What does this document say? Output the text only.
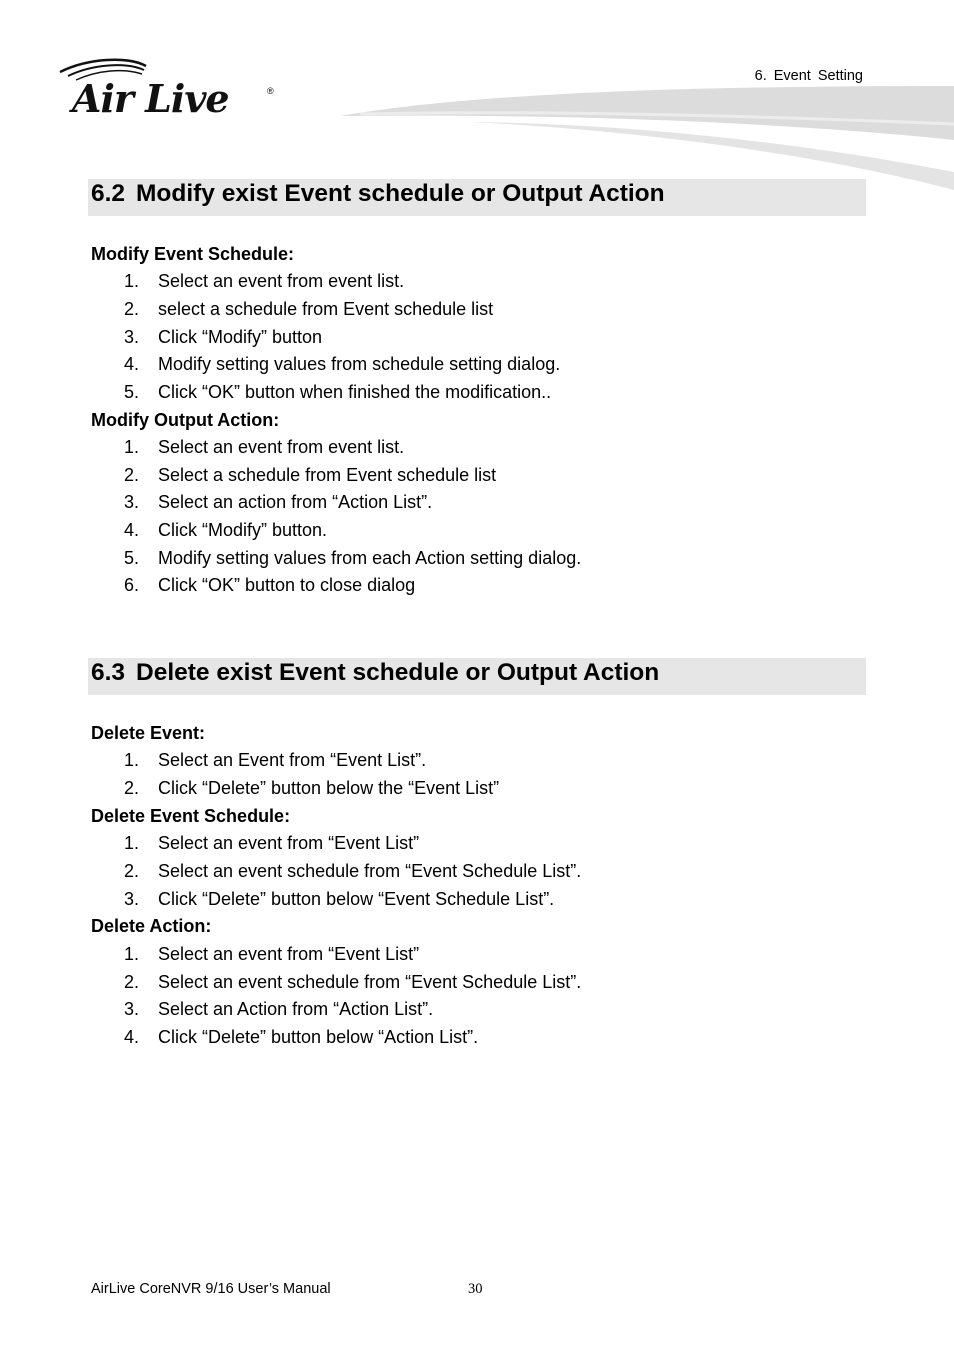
Air Live	®
6. Event Setting
6.2 Modify exist Event schedule or Output Action
Modify Event Schedule:
1. Select an event from event list.
2. select a schedule from Event schedule list
3. Click “Modify” button
4. Modify setting values from schedule setting dialog.
5. Click “OK” button when finished the modification..
Modify Output Action:
1. Select an event from event list.
2. Select a schedule from Event schedule list
3. Select an action from “Action List”.
4. Click “Modify” button.
5. Modify setting values from each Action setting dialog.
6. Click “OK” button to close dialog
6.3 Delete exist Event schedule or Output Action
Delete Event:
1. Select an Event from “Event List”.
2. Click “Delete” button below the “Event List”
Delete Event Schedule:
1. Select an event from “Event List”
2. Select an event schedule from “Event Schedule List”.
3. Click “Delete” button below “Event Schedule List”.
Delete Action:
1. Select an event from “Event List”
2. Select an event schedule from “Event Schedule List”.
3. Select an Action from “Action List”.
4. Click “Delete” button below “Action List”.
AirLive CoreNVR 9/16 User’s Manual	30
